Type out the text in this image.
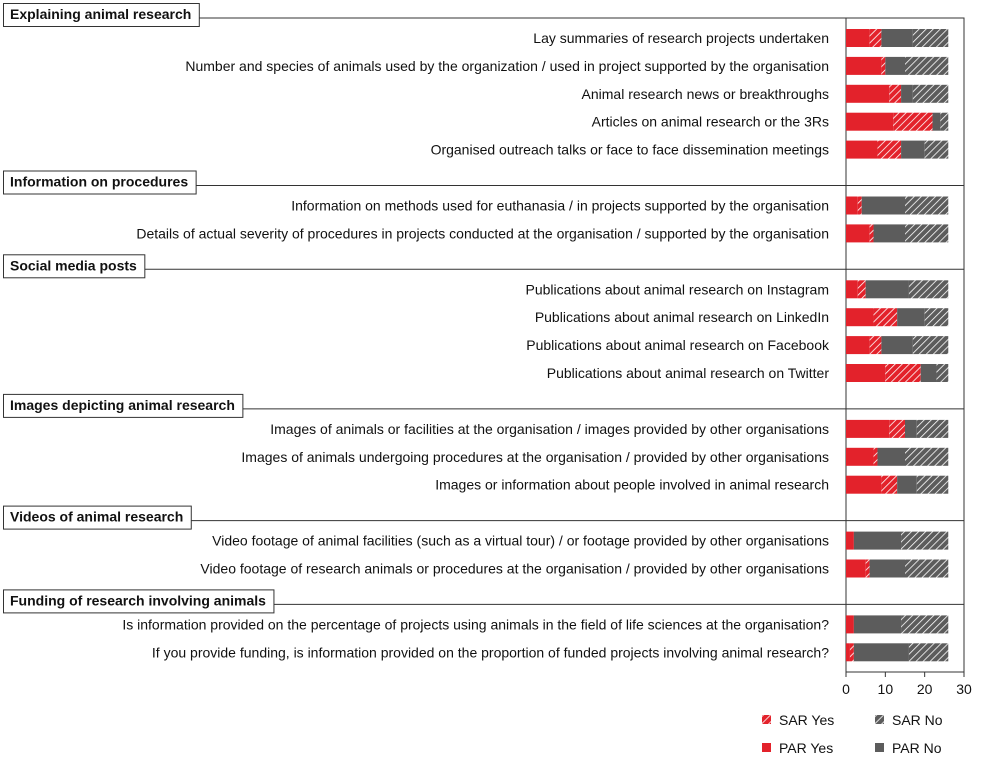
Explaining animal research
Information on procedures
Social media posts
Images depicting animal research
Videos of animal research
Funding of research involving animals
Lay summaries of research projects undertaken
Number and species of animals used by the organization / used in project supported by the organisation
Animal research news or breakthroughs
Articles on animal research or the 3Rs
Organised outreach talks or face to face dissemination meetings
Information on methods used for euthanasia / in projects supported by the organisation
Details of actual severity of procedures in projects conducted at the organisation / supported by the organisation
Publications about animal research on Instagram
Publications about animal research on LinkedIn
Publications about animal research on Facebook
Publications about animal research on Twitter
Images of animals or facilities at the organisation / images provided by other organisations
Images of animals undergoing procedures at the organisation / provided by other organisations
Images or information about people involved in animal research
Video footage of animal facilities (such as a virtual tour) / or footage provided by other organisations
Video footage of research animals or procedures at the organisation / provided by other organisations
Is information provided on the percentage of projects using animals in the field of life sciences at the organisation?
If you provide funding, is information provided on the proportion of funded projects involving animal research?
0 10 20 30
SAR Yes	SAR No
PAR Yes	PAR No
